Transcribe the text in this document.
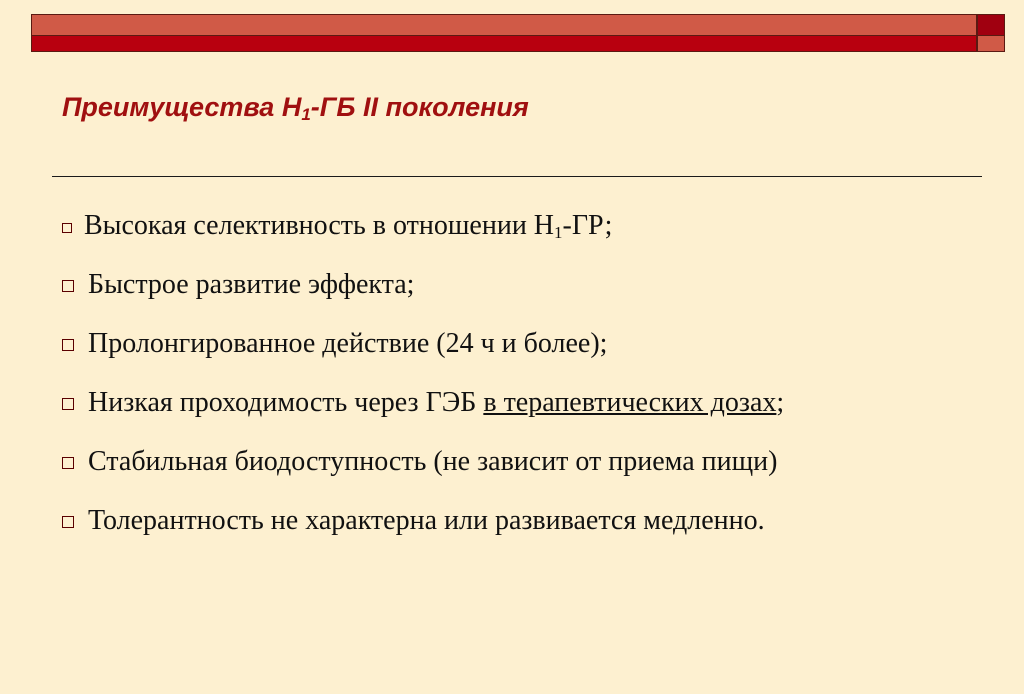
Преимущества $H_1-ГБ$ II поколения
Высокая селективность в отношении $H_1-ГР$;
Быстрое развитие эффекта;
Пролонгированное действие (24 ч и более);
Низкая проходимость через ГЭБ в терапевтических дозах;
Стабильная биодоступность (не зависит от приема пищи)
Толерантность не характерна или развивается медленно.
